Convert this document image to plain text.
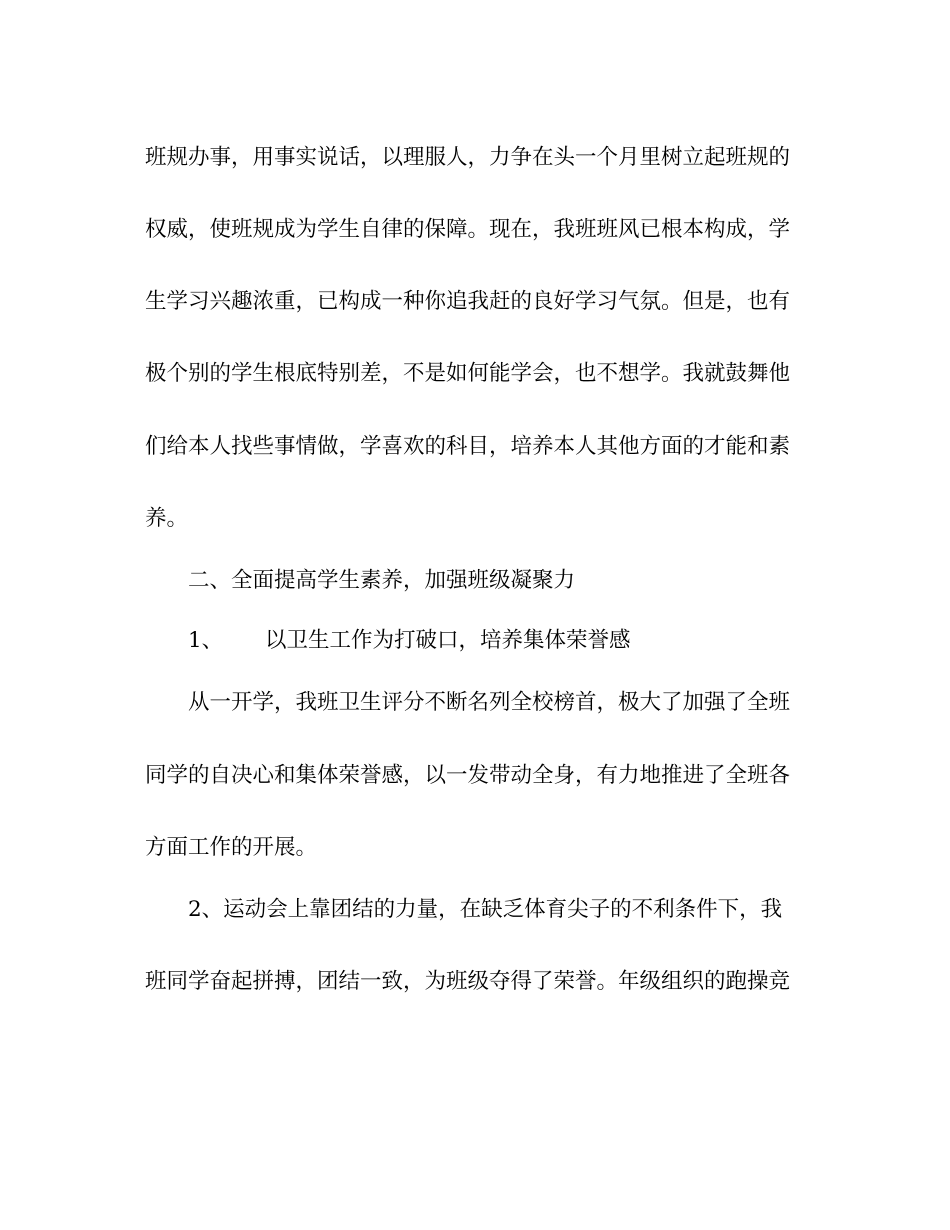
班规办事，用事实说话，以理服人，力争在头一个月里树立起班规的
权威，使班规成为学生自律的保障。现在，我班班风已根本构成，学
生学习兴趣浓重，已构成一种你追我赶的良好学习气氛。但是，也有
极个别的学生根底特别差，不是如何能学会，也不想学。我就鼓舞他
们给本人找些事情做，学喜欢的科目，培养本人其他方面的才能和素
养。
二、全面提高学生素养，加强班级凝聚力
1、 以卫生工作为打破口，培养集体荣誉感
从一开学，我班卫生评分不断名列全校榜首，极大了加强了全班
同学的自决心和集体荣誉感，以一发带动全身，有力地推进了全班各
方面工作的开展。
2、运动会上靠团结的力量，在缺乏体育尖子的不利条件下，我
班同学奋起拼搏，团结一致，为班级夺得了荣誉。年级组织的跑操竞
